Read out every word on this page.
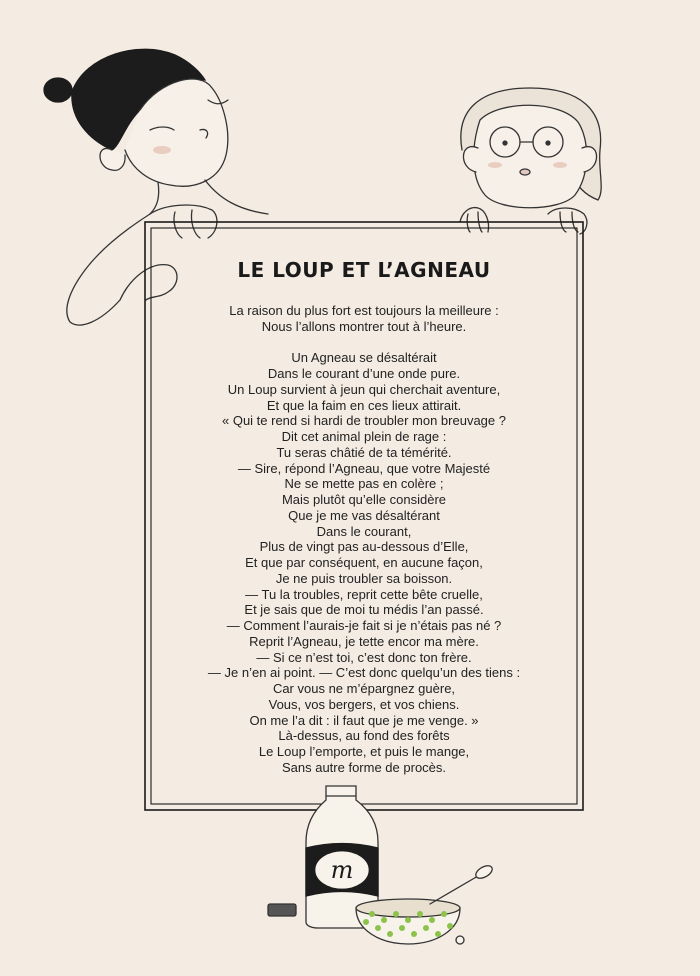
m
LE LOUP ET L’AGNEAU
La raison du plus fort est toujours la meilleure :
Nous l’allons montrer tout à l’heure.
Un Agneau se désaltérait
Dans le courant d’une onde pure.
Un Loup survient à jeun qui cherchait aventure,
Et que la faim en ces lieux attirait.
« Qui te rend si hardi de troubler mon breuvage ?
Dit cet animal plein de rage :
Tu seras châtié de ta témérité.
— Sire, répond l’Agneau, que votre Majesté
Ne se mette pas en colère ;
Mais plutôt qu’elle considère
Que je me vas désaltérant
Dans le courant,
Plus de vingt pas au-dessous d’Elle,
Et que par conséquent, en aucune façon,
Je ne puis troubler sa boisson.
— Tu la troubles, reprit cette bête cruelle,
Et je sais que de moi tu médis l’an passé.
— Comment l’aurais-je fait si je n’étais pas né ?
Reprit l’Agneau, je tette encor ma mère.
— Si ce n’est toi, c’est donc ton frère.
— Je n’en ai point. — C’est donc quelqu’un des tiens :
Car vous ne m’épargnez guère,
Vous, vos bergers, et vos chiens.
On me l’a dit : il faut que je me venge. »
Là-dessus, au fond des forêts
Le Loup l’emporte, et puis le mange,
Sans autre forme de procès.
